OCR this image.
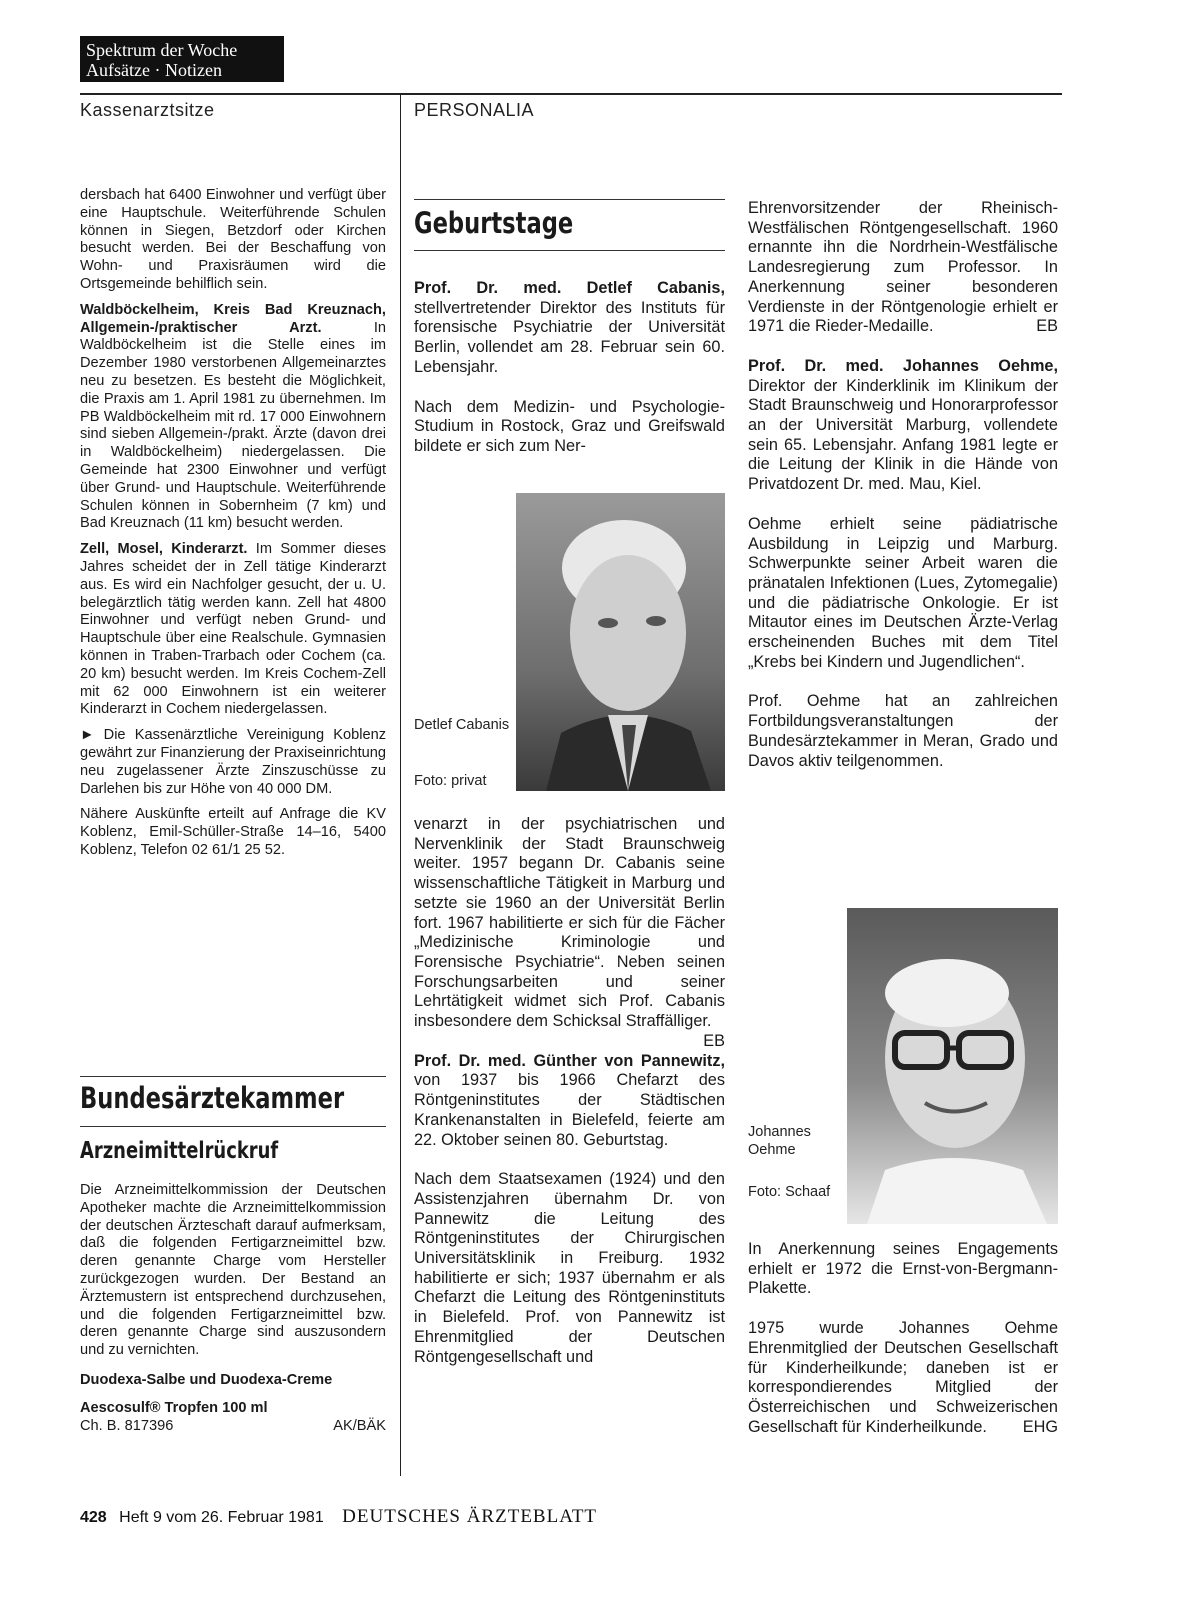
Spektrum der Woche
Aufsätze · Notizen
Kassenarztsitze	PERSONALIA

dersbach hat 6400 Einwohner und verfügt über eine Hauptschule. Weiterführende Schulen können in Siegen, Betzdorf oder Kirchen besucht werden. Bei der Beschaffung von Wohn- und Praxisräumen wird die Ortsgemeinde behilflich sein.

Waldböckelheim, Kreis Bad Kreuznach, Allgemein-/praktischer Arzt. In Waldböckelheim ist die Stelle eines im Dezember 1980 verstorbenen Allgemeinarztes neu zu besetzen. Es besteht die Möglichkeit, die Praxis am 1. April 1981 zu übernehmen. Im PB Waldböckelheim mit rd. 17 000 Einwohnern sind sieben Allgemein-/prakt. Ärzte (davon drei in Waldböckelheim) niedergelassen. Die Gemeinde hat 2300 Einwohner und verfügt über Grund- und Hauptschule. Weiterführende Schulen können in Sobernheim (7 km) und Bad Kreuznach (11 km) besucht werden.

Zell, Mosel, Kinderarzt. Im Sommer dieses Jahres scheidet der in Zell tätige Kinderarzt aus. Es wird ein Nachfolger gesucht, der u. U. belegärztlich tätig werden kann. Zell hat 4800 Einwohner und verfügt neben Grund- und Hauptschule über eine Realschule. Gymnasien können in Traben-Trarbach oder Cochem (ca. 20 km) besucht werden. Im Kreis Cochem-Zell mit 62 000 Einwohnern ist ein weiterer Kinderarzt in Cochem niedergelassen.

► Die Kassenärztliche Vereinigung Koblenz gewährt zur Finanzierung der Praxiseinrichtung neu zugelassener Ärzte Zinszuschüsse zu Darlehen bis zur Höhe von 40 000 DM.

Nähere Auskünfte erteilt auf Anfrage die KV Koblenz, Emil-Schüller-Straße 14–16, 5400 Koblenz, Telefon 02 61/1 25 52.

Bundesärztekammer
Arzneimittelrückruf

Die Arzneimittelkommission der Deutschen Apotheker machte die Arzneimittelkommission der deutschen Ärzteschaft darauf aufmerksam, daß die folgenden Fertigarzneimittel bzw. deren genannte Charge vom Hersteller zurückgezogen wurden. Der Bestand an Ärztemustern ist entsprechend durchzusehen, und die folgenden Fertigarzneimittel bzw. deren genannte Charge sind auszusondern und zu vernichten.

Duodexa-Salbe und Duodexa-Creme

Aescosulf® Tropfen 100 ml

Ch. B. 817396	AK/BÄK
Geburtstage

Prof. Dr. med. Detlef Cabanis, stellvertretender Direktor des Instituts für forensische Psychiatrie der Universität Berlin, vollendet am 28. Februar sein 60. Lebensjahr.

Nach dem Medizin- und Psychologie-Studium in Rostock, Graz und Greifswald bildete er sich zum Ner-

Detlef Cabanis
Foto: privat

venarzt in der psychiatrischen und Nervenklinik der Stadt Braunschweig weiter. 1957 begann Dr. Cabanis seine wissenschaftliche Tätigkeit in Marburg und setzte sie 1960 an der Universität Berlin fort. 1967 habilitierte er sich für die Fächer „Medizinische Kriminologie und Forensische Psychiatrie“. Neben seinen Forschungsarbeiten und seiner Lehrtätigkeit widmet sich Prof. Cabanis insbesondere dem Schicksal Straffälliger.
EB

Prof. Dr. med. Günther von Pannewitz, von 1937 bis 1966 Chefarzt des Röntgeninstitutes der Städtischen Krankenanstalten in Bielefeld, feierte am 22. Oktober seinen 80. Geburtstag.

Nach dem Staatsexamen (1924) und den Assistenzjahren übernahm Dr. von Pannewitz die Leitung des Röntgeninstitutes der Chirurgischen Universitätsklinik in Freiburg. 1932 habilitierte er sich; 1937 übernahm er als Chefarzt die Leitung des Röntgeninstituts in Bielefeld. Prof. von Pannewitz ist Ehrenmitglied der Deutschen Röntgengesellschaft und

Ehrenvorsitzender der Rheinisch-Westfälischen Röntgengesellschaft. 1960 ernannte ihn die Nordrhein-Westfälische Landesregierung zum Professor. In Anerkennung seiner besonderen Verdienste in der Röntgenologie erhielt er 1971 die Rieder-Medaille.	EB

Prof. Dr. med. Johannes Oehme, Direktor der Kinderklinik im Klinikum der Stadt Braunschweig und Honorarprofessor an der Universität Marburg, vollendete sein 65. Lebensjahr. Anfang 1981 legte er die Leitung der Klinik in die Hände von Privatdozent Dr. med. Mau, Kiel.

Oehme erhielt seine pädiatrische Ausbildung in Leipzig und Marburg. Schwerpunkte seiner Arbeit waren die pränatalen Infektionen (Lues, Zytomegalie) und die pädiatrische Onkologie. Er ist Mitautor eines im Deutschen Ärzte-Verlag erscheinenden Buches mit dem Titel „Krebs bei Kindern und Jugendlichen“.

Prof. Oehme hat an zahlreichen Fortbildungsveranstaltungen der Bundesärztekammer in Meran, Grado und Davos aktiv teilgenommen.

Johannes Oehme
Foto: Schaaf

In Anerkennung seines Engagements erhielt er 1972 die Ernst-von-Bergmann-Plakette.

1975 wurde Johannes Oehme Ehrenmitglied der Deutschen Gesellschaft für Kinderheilkunde; daneben ist er korrespondierendes Mitglied der Österreichischen und Schweizerischen Gesellschaft für Kinderheilkunde. EHG

428 Heft 9 vom 26. Februar 1981 DEUTSCHES ÄRZTEBLATT
